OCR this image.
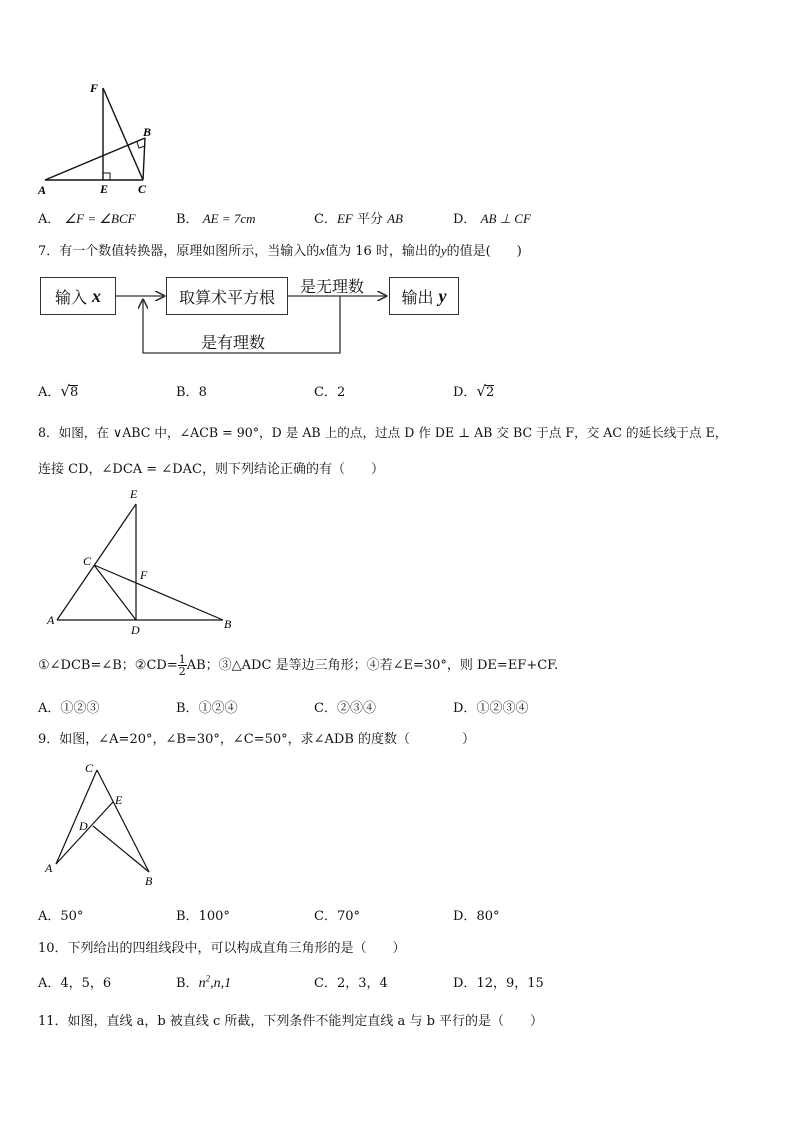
F
B
A	E C
A． ∠F = ∠BCF	B． AE = 7cm	C．EF 平分 AB	D． AB ⊥ CF
7．有一个数值转换器，原理如图所示，当输入的x值为 16 时，输出的y的值是(　　)
输入
x	取算术平方根	输出
y
是无理数
是有理数
A．√8	B．8	C．2	D．√2
8．如图，在 ∨ABC 中，∠ACB = 90°，D 是 AB 上的点，过点 D 作 DE ⊥ AB 交 BC 于点 F，交 AC 的延长线于点 E，
连接 CD，∠DCA = ∠DAC，则下列结论正确的有（　　）
E
C
F
A
D	B
①∠DCB=∠B；②CD= $\frac{1}{2}$ AB；③△ADC 是等边三角形；④若∠E=30°，则 DE=EF+CF.
A．①②③	B．①②④	C．②③④	D．①②③④
9．如图，∠A=20°，∠B=30°，∠C=50°，求∠ADB 的度数（　　　　）
C
E
D
A
B
A．50°	B．100°	C．70°	D．80°
10．下列给出的四组线段中，可以构成直角三角形的是（　　）
A．4，5，6	B．$n^2,n,1$	C．2，3，4	D．12，9，15
11．如图，直线 a，b 被直线 c 所截，下列条件不能判定直线 a 与 b 平行的是（　　）
